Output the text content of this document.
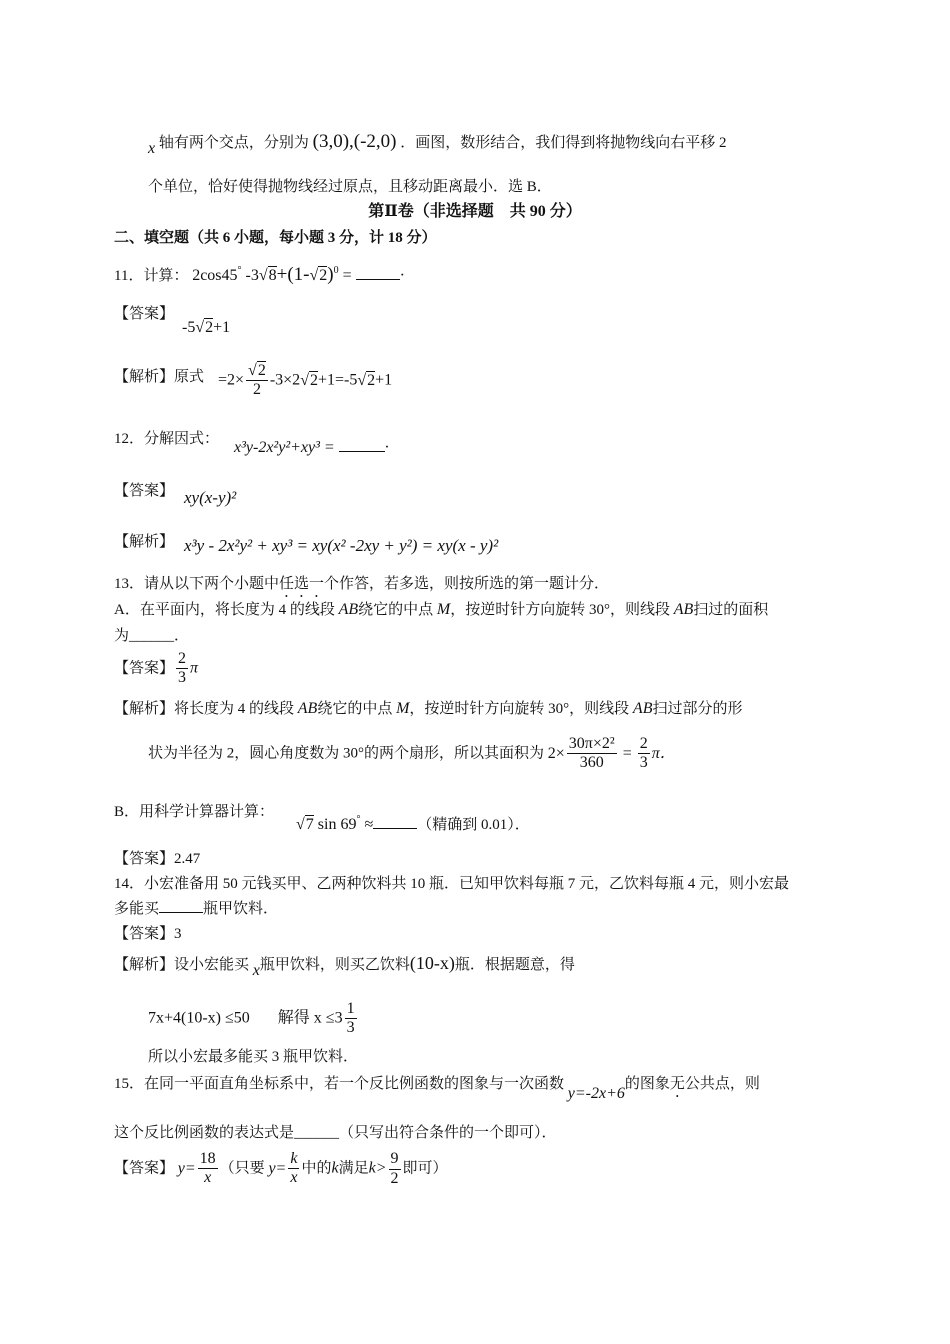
x 轴有两个交点，分别为 (3,0),(-2,0) ．画图，数形结合，我们得到将抛物线向右平移 2
个单位，恰好使得抛物线经过原点，且移动距离最小．选 B．
第Ⅱ卷（非选择题　共 90 分）
二、填空题（共 6 小题，每小题 3 分，计 18 分）
11．计算： 2cos45° $-3√8+(1-√2)^0$ =	·
【答案】
-5√2+1
【解析】原式 $=2\times \frac{√2}{2} -3\times 2√2+1=-5√2+1$
12．分解因式： x³y-2x²y²+xy³ =	·
【答案】 xy(x-y)²
【解析】 x³y - 2x²y² + xy³ = xy(x² -2xy + y²) = xy(x - y)²
13．请从以下两个小题中任选一个作答，若多选，则按所选的第一题计分．
A．在平面内，将长度为 4 的线段 AB绕它的中点 M，按逆时针方向旋转 30°，则线段 AB扫过的面积
为______．
【答案】 $\frac{2}{3}$ π
【解析】将长度为 4 的线段 AB绕它的中点 M，按逆时针方向旋转 30°，则线段 AB扫过部分的形
状为半径为 2，圆心角度数为 30°的两个扇形，所以其面积为 $2\times \frac{\text{30π×2²}}{360} = \frac{2}{3}$ π．
B．用科学计算器计算：
√7 sin 69° ≈	（精确到 0.01）．
【答案】2.47
14．小宏准备用 50 元钱买甲、乙两种饮料共 10 瓶．已知甲饮料每瓶 7 元，乙饮料每瓶 4 元，则小宏最
多能买	瓶甲饮料．
【答案】3
【解析】设小宏能买 x瓶甲饮料，则买乙饮料(10-x)瓶．根据题意，得
7x+4(10-x) ≤50 解得 $x \le 3 \frac{1}{3}$
所以小宏最多能买 3 瓶甲饮料．
15．在同一平面直角坐标系中，若一个反比例函数的图象与一次函数 y=-2x+6的图象无公共点，则
这个反比例函数的表达式是______（只写出符合条件的一个即可）．
【答案】 $y= \frac{18}{x}$ （只要 $y= \frac{k}{x}$ 中的k满足$k> \frac{9}{2}$ 即可）
